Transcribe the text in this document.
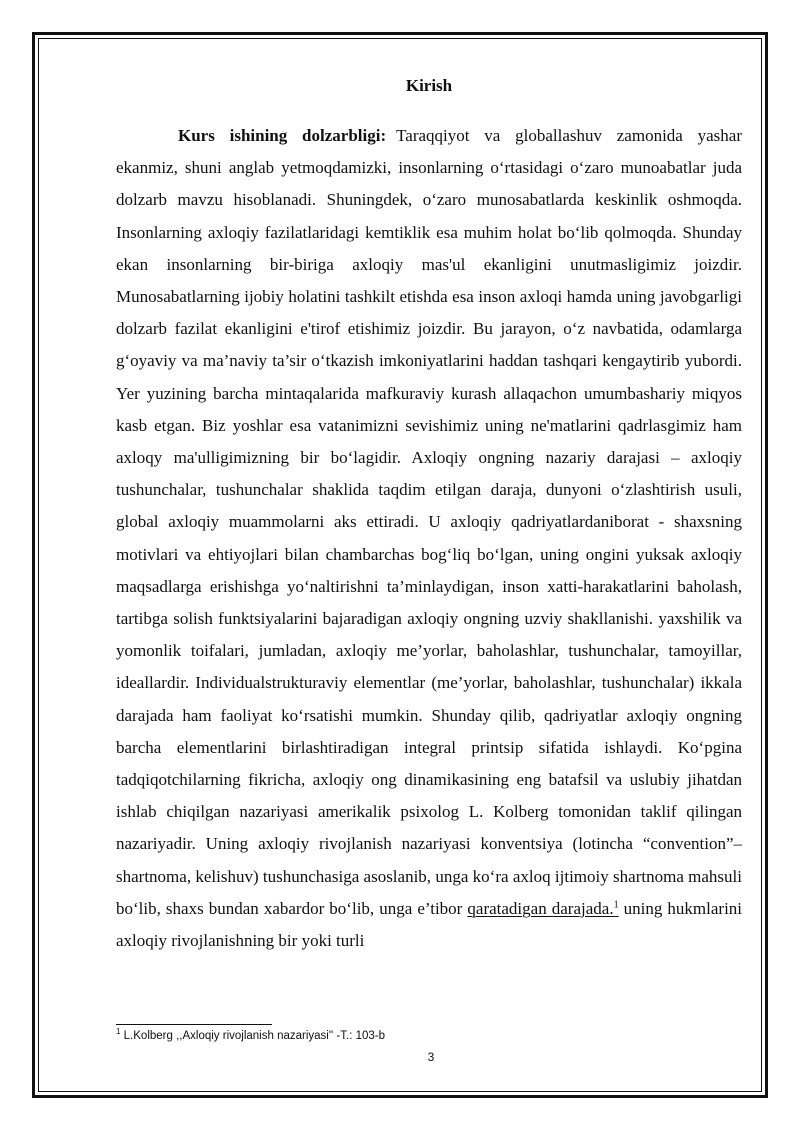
Kirish

Kurs ishining dolzarbligi: Taraqqiyot va globallashuv zamonida yashar ekanmiz, shuni anglab yetmoqdamizki, insonlarning o‘rtasidagi o‘zaro munoabatlar juda dolzarb mavzu hisoblanadi. Shuningdek, o‘zaro munosabatlarda keskinlik oshmoqda. Insonlarning axloqiy fazilatlaridagi kemtiklik esa muhim holat bo‘lib qolmoqda. Shunday ekan insonlarning bir-biriga axloqiy mas'ul ekanligini unutmasligimiz joizdir. Munosabatlarning ijobiy holatini tashkilt etishda esa inson axloqi hamda uning javobgarligi dolzarb fazilat ekanligini e'tirof etishimiz joizdir. Bu jarayon, o‘z navbatida, odamlarga g‘oyaviy va ma’naviy ta’sir o‘tkazish imkoniyatlarini haddan tashqari kengaytirib yubordi. Yer yuzining barcha mintaqalarida mafkuraviy kurash allaqachon umumbashariy miqyos kasb etgan. Biz yoshlar esa vatanimizni sevishimiz uning ne'matlarini qadrlasgimiz ham axloqy ma'ulligimizning bir bo‘lagidir. Axloqiy ongning nazariy darajasi – axloqiy tushunchalar, tushunchalar shaklida taqdim etilgan daraja, dunyoni o‘zlashtirish usuli, global axloqiy muammolarni aks ettiradi. U axloqiy qadriyatlardaniborat - shaxsning motivlari va ehtiyojlari bilan chambarchas bog‘liq bo‘lgan, uning ongini yuksak axloqiy maqsadlarga erishishga yo‘naltirishni ta’minlaydigan, inson xatti-harakatlarini baholash, tartibga solish funktsiyalarini bajaradigan axloqiy ongning uzviy shakllanishi. yaxshilik va yomonlik toifalari, jumladan, axloqiy me’yorlar, baholashlar, tushunchalar, tamoyillar, ideallardir. Individualstrukturaviy elementlar (me’yorlar, baholashlar, tushunchalar) ikkala darajada ham faoliyat ko‘rsatishi mumkin. Shunday qilib, qadriyatlar axloqiy ongning barcha elementlarini birlashtiradigan integral printsip sifatida ishlaydi. Ko‘pgina tadqiqotchilarning fikricha, axloqiy ong dinamikasining eng batafsil va uslubiy jihatdan ishlab chiqilgan nazariyasi amerikalik psixolog L. Kolberg tomonidan taklif qilingan nazariyadir. Uning axloqiy rivojlanish nazariyasi konventsiya (lotincha “convention”–shartnoma, kelishuv) tushunchasiga asoslanib, unga ko‘ra axloq ijtimoiy shartnoma mahsuli bo‘lib, shaxs bundan xabardor bo‘lib, unga e’tibor qaratadigan darajada.$^1$ uning hukmlarini axloqiy rivojlanishning bir yoki turli

$^1$ L.Kolberg ,,Axloqiy rivojlanish nazariyasi'' -T.: 103-b
3
